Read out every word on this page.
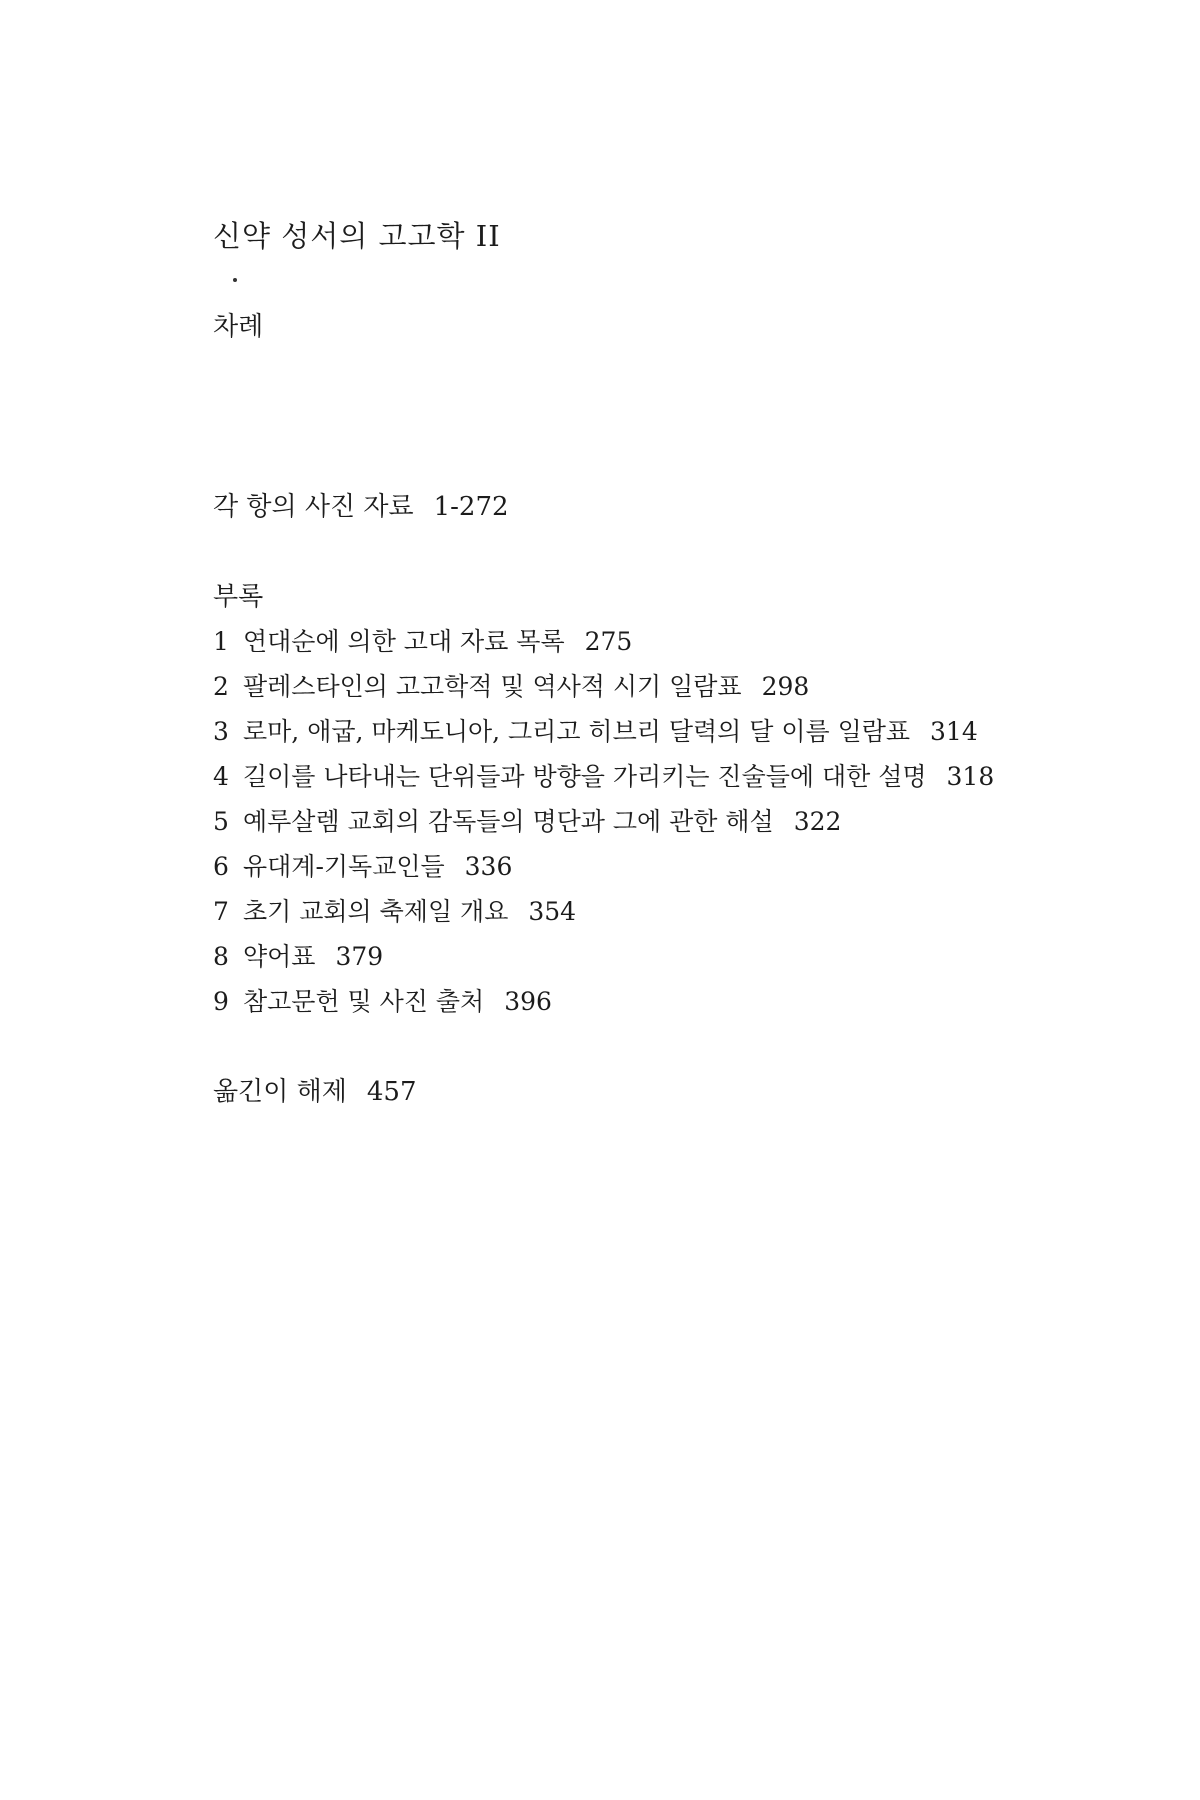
신약 성서의 고고학 II
차례
각 항의 사진 자료 1-272
부록
1 연대순에 의한 고대 자료 목록 275
2 팔레스타인의 고고학적 및 역사적 시기 일람표 298
3 로마, 애굽, 마케도니아, 그리고 히브리 달력의 달 이름 일람표 314
4 길이를 나타내는 단위들과 방향을 가리키는 진술들에 대한 설명 318
5 예루살렘 교회의 감독들의 명단과 그에 관한 해설 322
6 유대계-기독교인들 336
7 초기 교회의 축제일 개요 354
8 약어표 379
9 참고문헌 및 사진 출처 396
옮긴이 해제 457
